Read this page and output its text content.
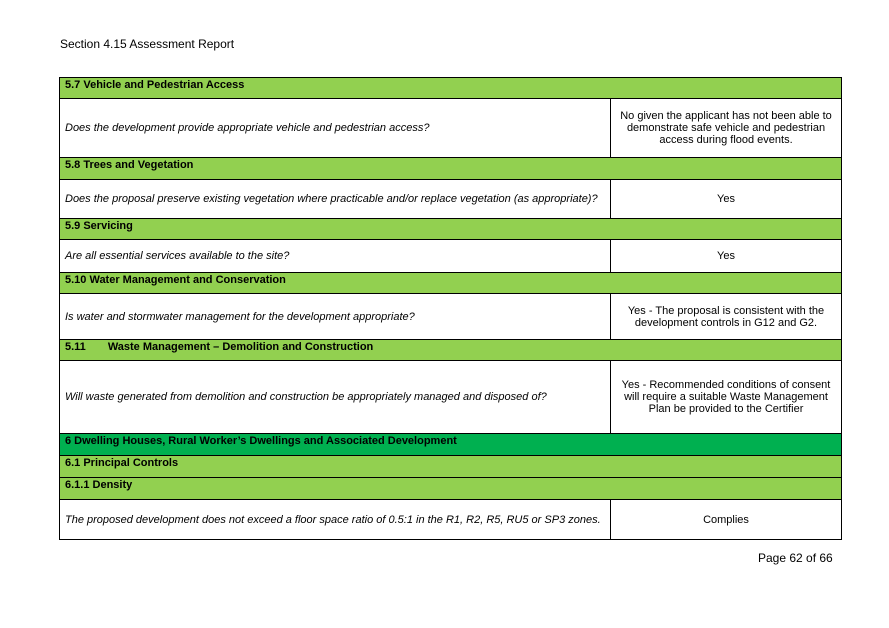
Section 4.15 Assessment Report
5.7 Vehicle and Pedestrian Access	
Does the development provide appropriate vehicle and pedestrian access?	No given the applicant has not been able to demonstrate safe vehicle and pedestrian access during flood events.
5.8 Trees and Vegetation	
Does the proposal preserve existing vegetation where practicable and/or replace vegetation (as appropriate)?	Yes
5.9 Servicing	
Are all essential services available to the site?	Yes
5.10 Water Management and Conservation	
Is water and stormwater management for the development appropriate?	Yes - The proposal is consistent with the development controls in G12 and G2.
5.11 Waste Management – Demolition and Construction	
Will waste generated from demolition and construction be appropriately managed and disposed of?	Yes - Recommended conditions of consent will require a suitable Waste Management Plan be provided to the Certifier
6 Dwelling Houses, Rural Worker’s Dwellings and Associated Development	
6.1 Principal Controls	
6.1.1 Density	
The proposed development does not exceed a floor space ratio of 0.5:1 in the R1, R2, R5, RU5 or SP3 zones.	Complies
Page 62 of 66
